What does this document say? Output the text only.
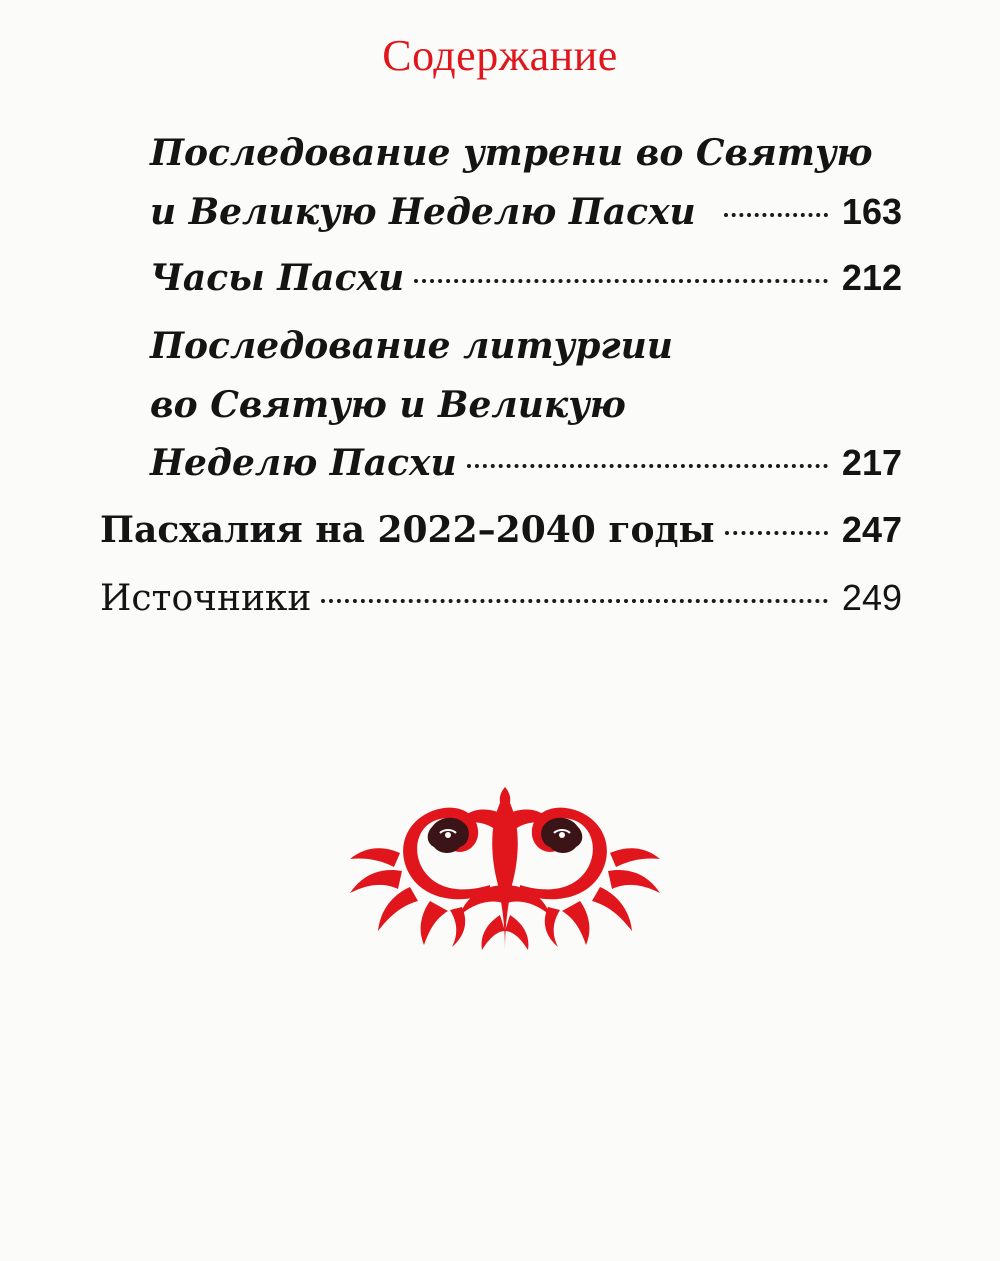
Содержание
Последование утрени во Святую
и Великую Неделю Пасхи	163
Часы Пасхи	212
Последование литургии
во Святую и Великую
Неделю Пасхи	217
Пасхалия на 2022–2040 годы	247
Источники	249
